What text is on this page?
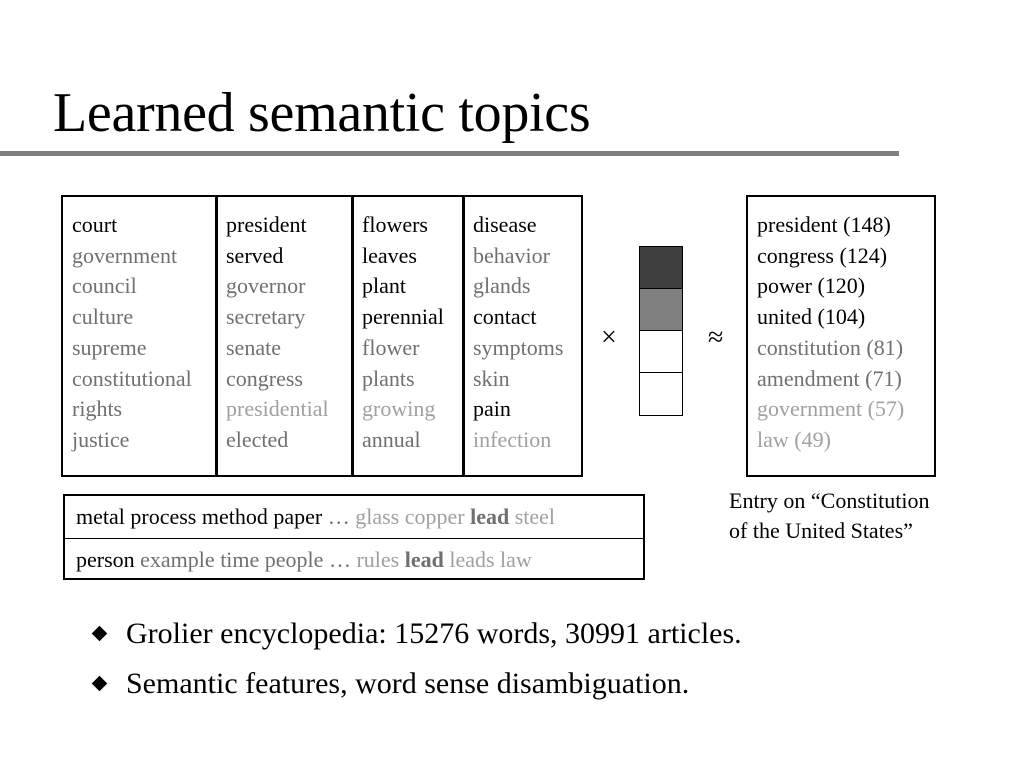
Learned semantic topics
court
government
council
culture
supreme
constitutional
rights
justice
president
served
governor
secretary
senate
congress
presidential
elected
flowers
leaves
plant
perennial
flower
plants
growing
annual
disease
behavior
glands
contact
symptoms
skin
pain
infection
×	≈
president (148)
congress (124)
power (120)
united (104)
constitution (81)
amendment (71)
government (57)
law (49)
Entry on “Constitution
of the United States”
metal process method paper … glass copper lead steel
person example time people … rules lead leads law
Grolier encyclopedia: 15276 words, 30991 articles.
Semantic features, word sense disambiguation.
